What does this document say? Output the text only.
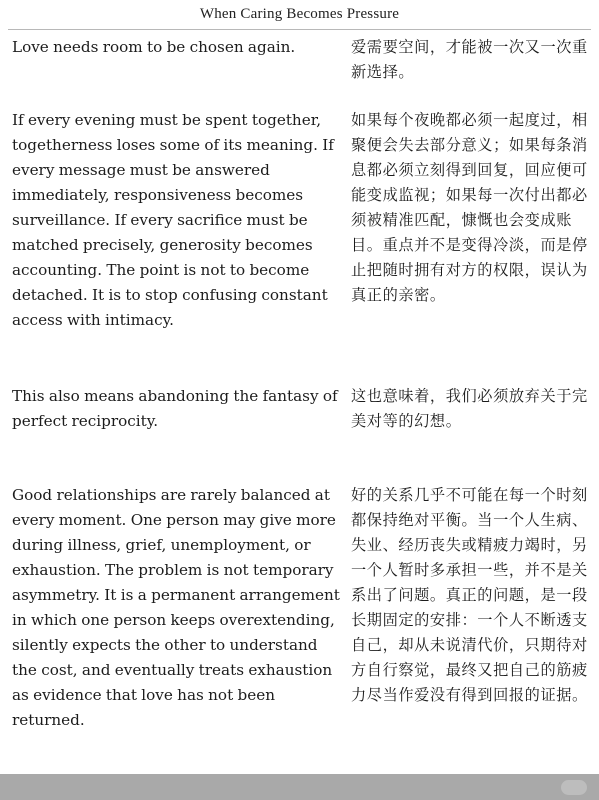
When Caring Becomes Pressure
Love needs room to be chosen again.	爱需要空间，才能被一次又一次重新选择。
If every evening must be spent together, togetherness loses some of its meaning. If every message must be answered immediately, responsiveness becomes surveillance. If every sacrifice must be matched precisely, generosity becomes accounting. The point is not to become detached. It is to stop confusing constant access with intimacy.
如果每个夜晚都必须一起度过，相聚便会失去部分意义；如果每条消息都必须立刻得到回复，回应便可能变成监视；如果每一次付出都必须被精准匹配，慷慨也会变成账目。重点并不是变得冷淡，而是停止把随时拥有对方的权限，误认为真正的亲密。
This also means abandoning the fantasy of perfect reciprocity.
这也意味着，我们必须放弃关于完美对等的幻想。
Good relationships are rarely balanced at every moment. One person may give more during illness, grief, unemployment, or exhaustion. The problem is not temporary asymmetry. It is a permanent arrangement in which one person keeps overextending, silently expects the other to understand the cost, and eventually treats exhaustion as evidence that love has not been returned.
好的关系几乎不可能在每一个时刻都保持绝对平衡。当一个人生病、失业、经历丧失或精疲力竭时，另一个人暂时多承担一些，并不是关系出了问题。真正的问题，是一段长期固定的安排：一个人不断透支自己，却从未说清代价，只期待对方自行察觉，最终又把自己的筋疲力尽当作爱没有得到回报的证据。
